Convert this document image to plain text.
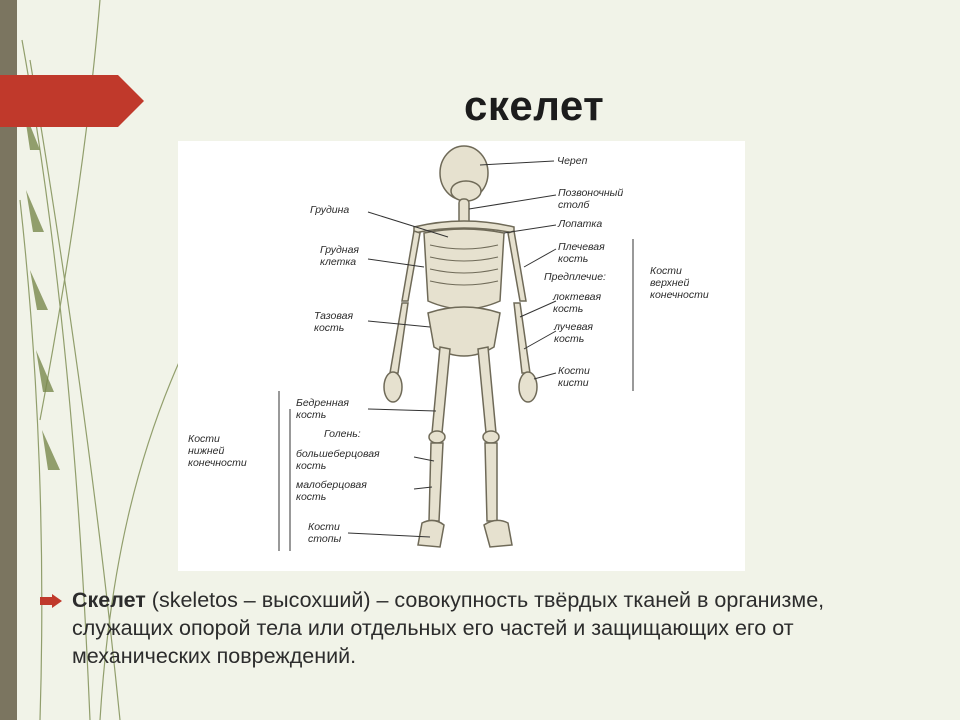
скелет
Череп
Позвоночный
столб
Грудина
Лопатка
Грудная
клетка
Плечевая
кость
Предплечие:	Кости
верхней
конечности
локтевая
кость
Тазовая
кость	лучевая
кость
Кости
кисти
Бедренная
кость
Голень:
Кости
нижней
конечности
большеберцовая
кость
малоберцовая
кость
Кости
стопы
Скелет (skeletos – высохший) – совокупность твёрдых тканей в организме, служащих опорой тела или отдельных его частей и защищающих его от механических повреждений.
